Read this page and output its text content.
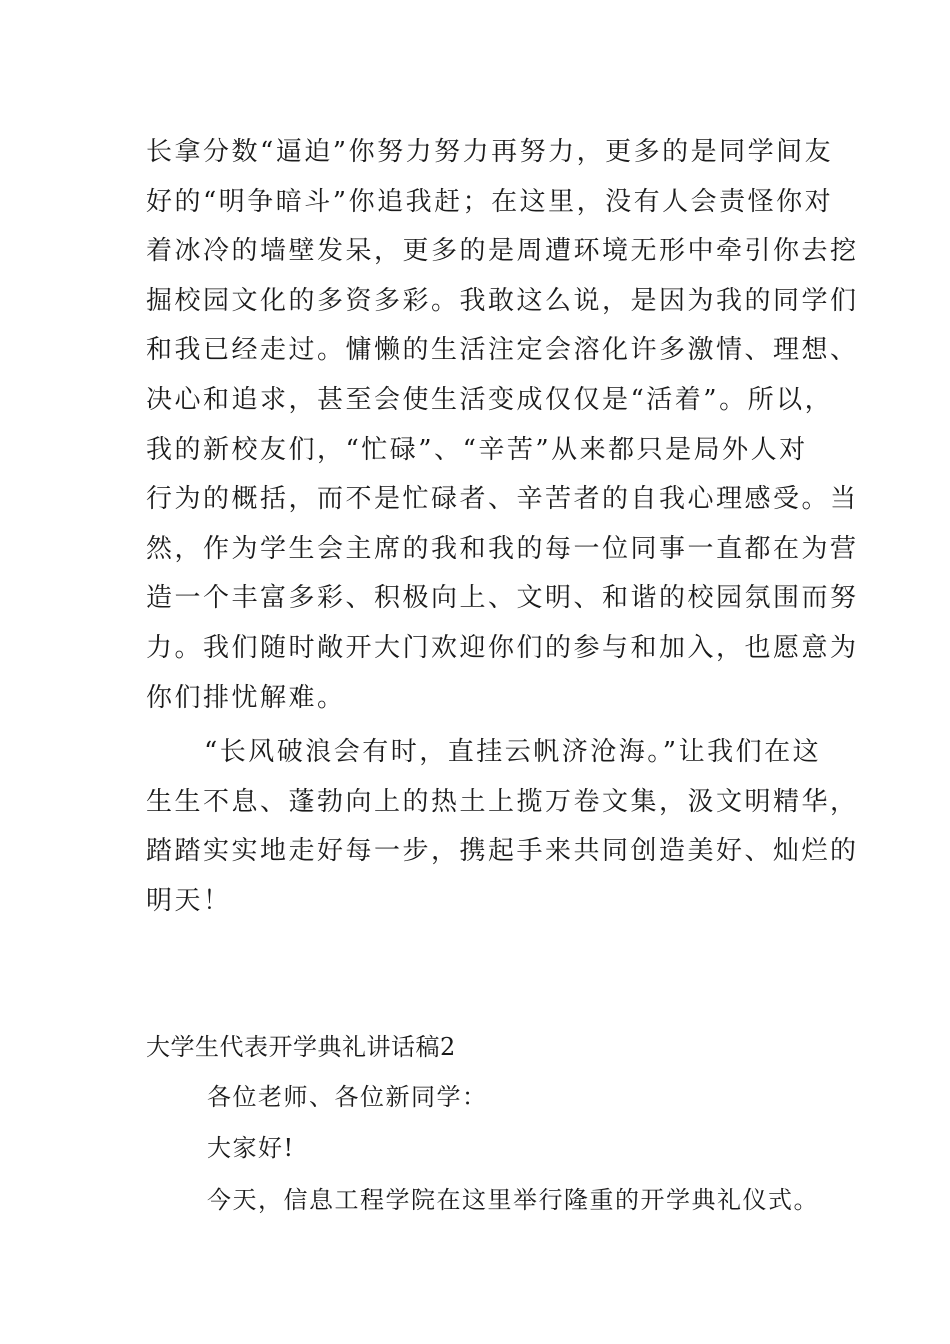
长拿分数“逼迫”你努力努力再努力，更多的是同学间友
好的“明争暗斗”你追我赶；在这里，没有人会责怪你对
着冰冷的墙壁发呆，更多的是周遭环境无形中牵引你去挖
掘校园文化的多资多彩。我敢这么说，是因为我的同学们
和我已经走过。慵懒的生活注定会溶化许多激情、理想、
决心和追求，甚至会使生活变成仅仅是“活着”。所以，
我的新校友们，“忙碌”、“辛苦”从来都只是局外人对
行为的概括，而不是忙碌者、辛苦者的自我心理感受。当
然，作为学生会主席的我和我的每一位同事一直都在为营
造一个丰富多彩、积极向上、文明、和谐的校园氛围而努
力。我们随时敞开大门欢迎你们的参与和加入，也愿意为
你们排忧解难。
“长风破浪会有时，直挂云帆济沧海。”让我们在这
生生不息、蓬勃向上的热土上揽万卷文集，汲文明精华，
踏踏实实地走好每一步，携起手来共同创造美好、灿烂的
明天！
大学生代表开学典礼讲话稿2
各位老师、各位新同学：
大家好!
今天，信息工程学院在这里举行隆重的开学典礼仪式。
